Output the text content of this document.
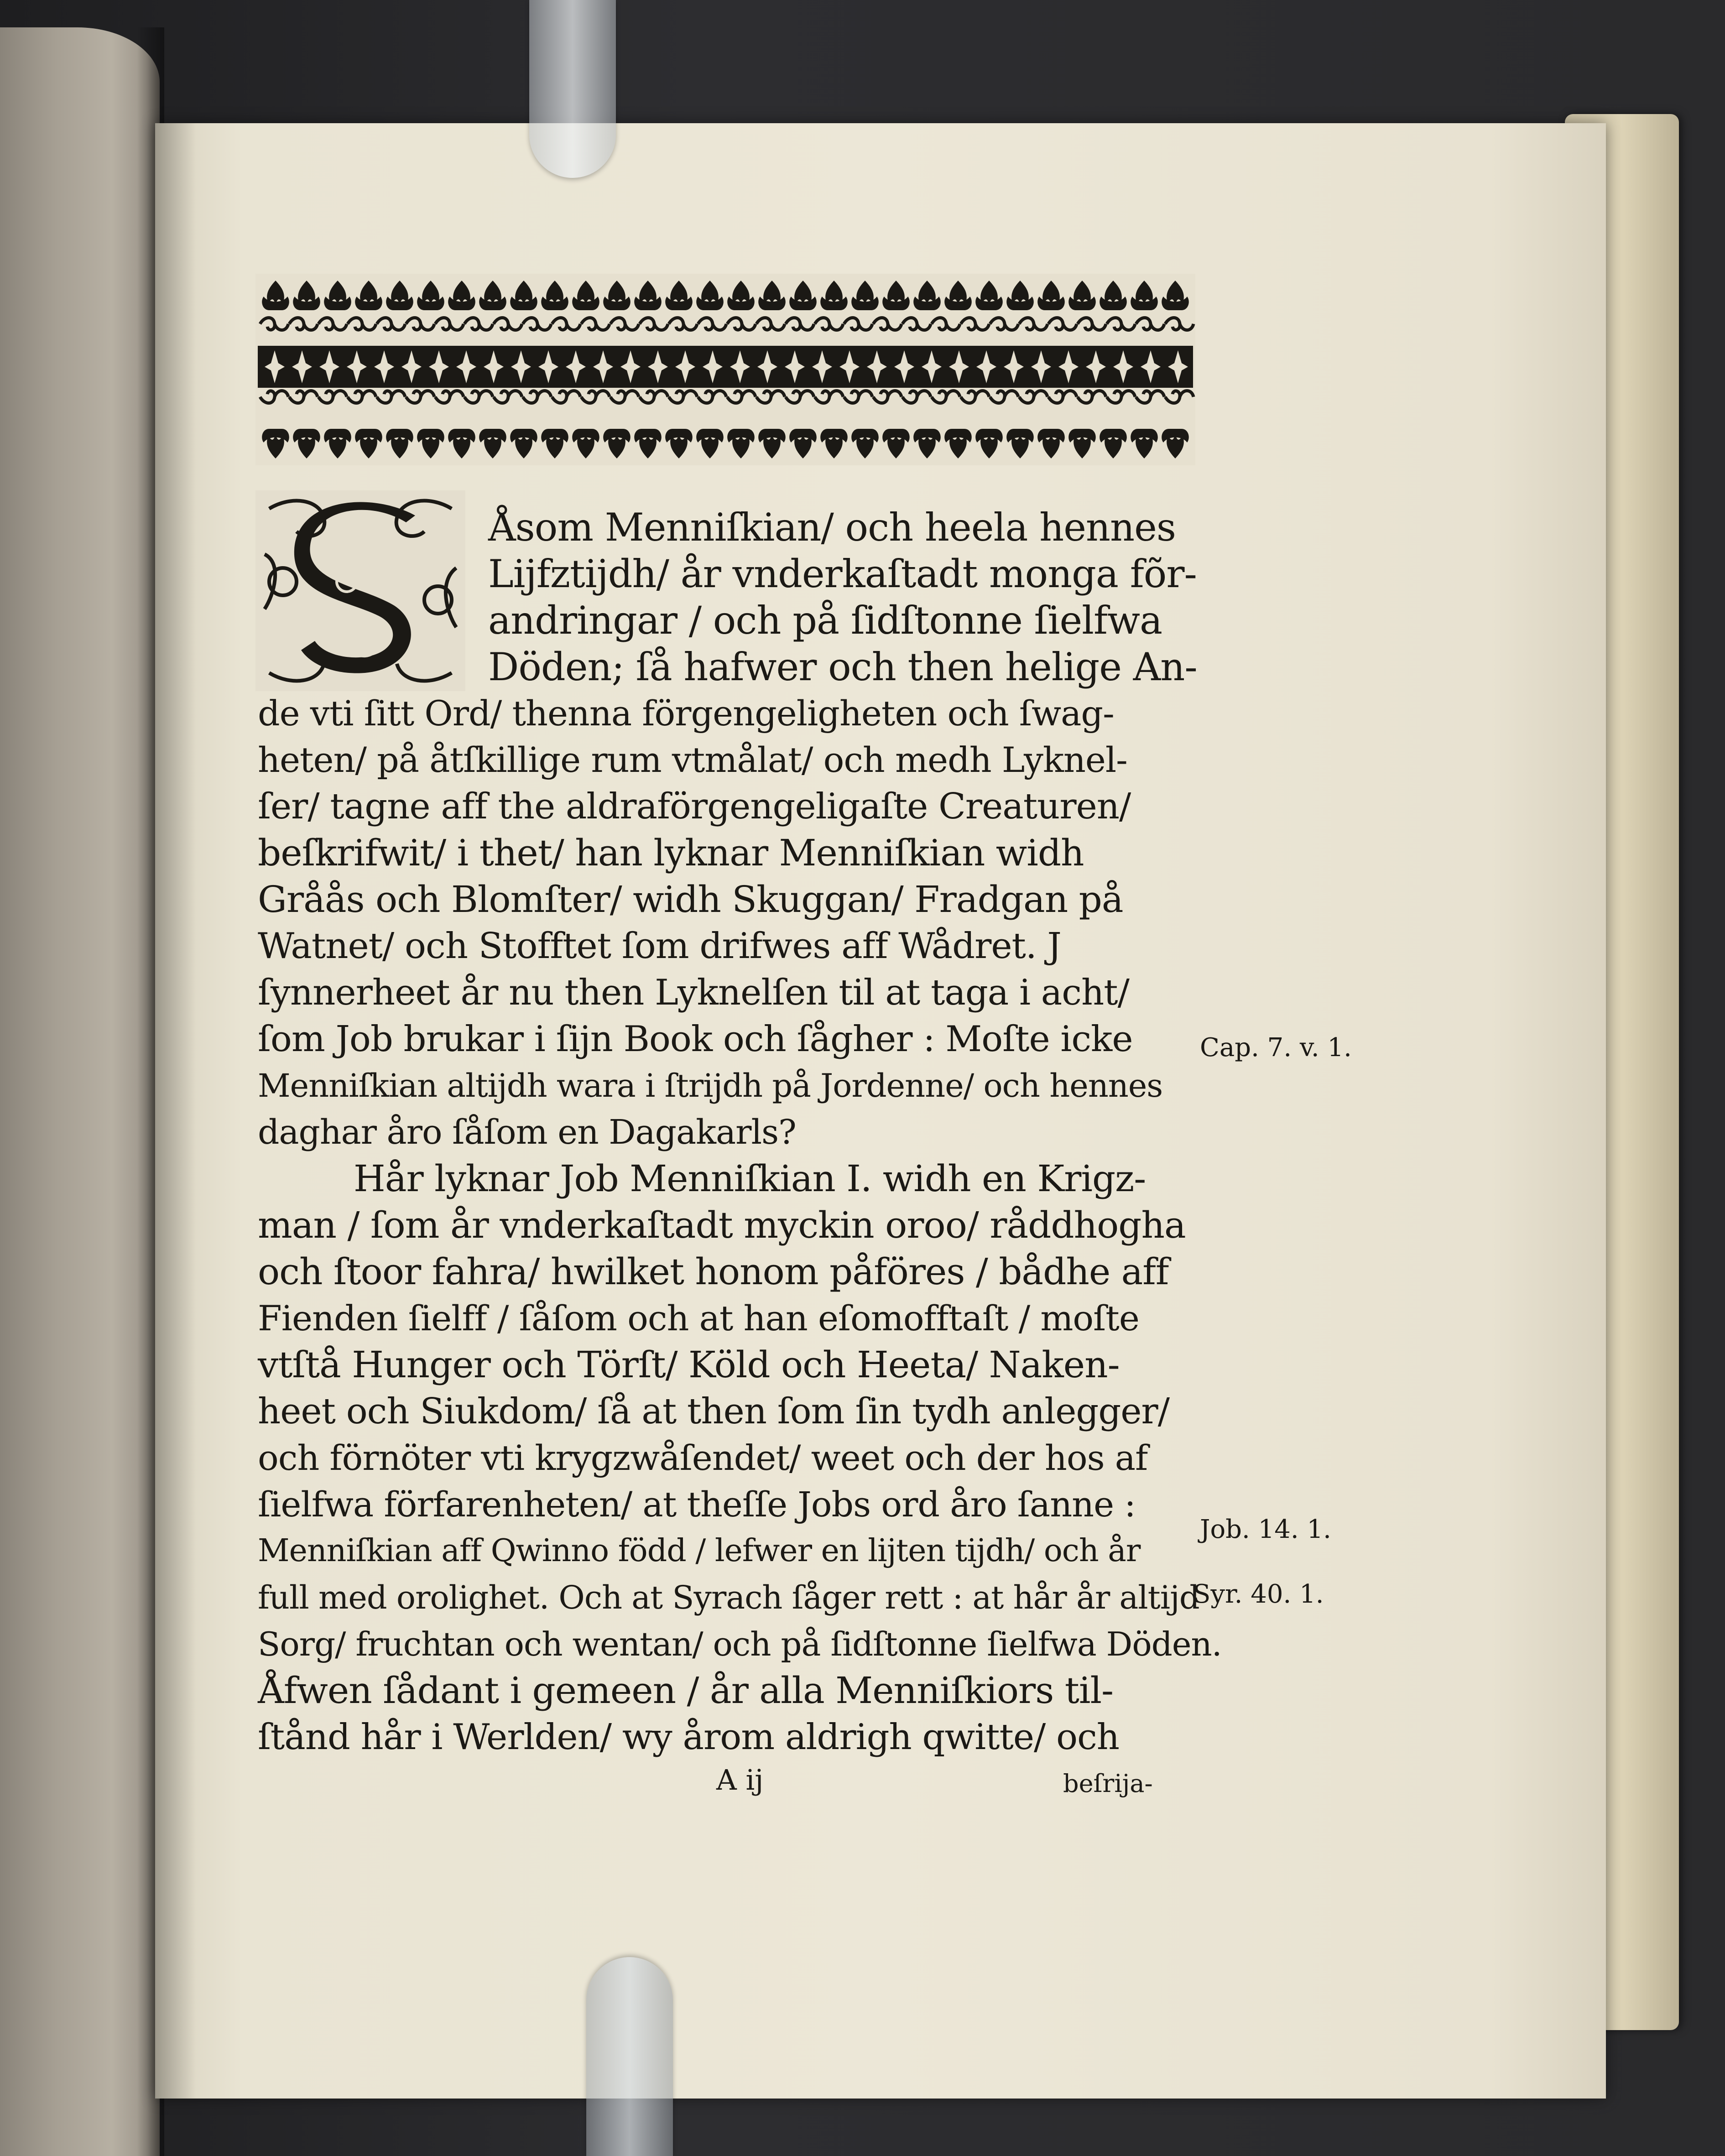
Åsom Menniſkian/ och heela hennes
Lijfztijdh/ år vnderkaſtadt monga fõr-
andringar / och på ſidſtonne ſielfwa
Döden; ſå hafwer och then helige An-
de vti ſitt Ord/ thenna förgengeligheten och ſwag-
heten/ på åtſkillige rum vtmålat/ och medh Lyknel-
ſer/ tagne aff the aldraförgengeligaſte Creaturen/
beſkrifwit/ i thet/ han lyknar Menniſkian widh
Gråås och Blomſter/ widh Skuggan/ Fradgan på
Watnet/ och Stofftet ſom drifwes aff Wådret. J
ſynnerheet år nu then Lyknelſen til at taga i acht/
ſom Job brukar i ſijn Book och ſågher : Moſte icke
Menniſkian altijdh wara i ſtrijdh på Jordenne/ och hennes
daghar åro ſåſom en Dagakarls?
Hår lyknar Job Menniſkian I. widh en Krigz-
man / ſom år vnderkaſtadt myckin oroo/ råddhogha
och ſtoor fahra/ hwilket honom påföres / bådhe aff
Fienden ſielff / ſåſom och at han eſomofftaſt / moſte
vtſtå Hunger och Törſt/ Köld och Heeta/ Naken-
heet och Siukdom/ ſå at then ſom ſin tydh anlegger/
och förnöter vti krygzwåſendet/ weet och der hos af
ſielfwa förfarenheten/ at theſſe Jobs ord åro ſanne :
Menniſkian aff Qwinno född / lefwer en lijten tijdh/ och år
full med orolighet. Och at Syrach ſåger rett : at hår år altijd
Sorg/ fruchtan och wentan/ och på ſidſtonne ſielfwa Döden.
Åfwen ſådant i gemeen / år alla Menniſkiors til-
ſtånd hår i Werlden/ wy årom aldrigh qwitte/ och
Cap. 7. v. 1.
Job. 14. 1.
Syr. 40. 1.
A ij	beſrija-
